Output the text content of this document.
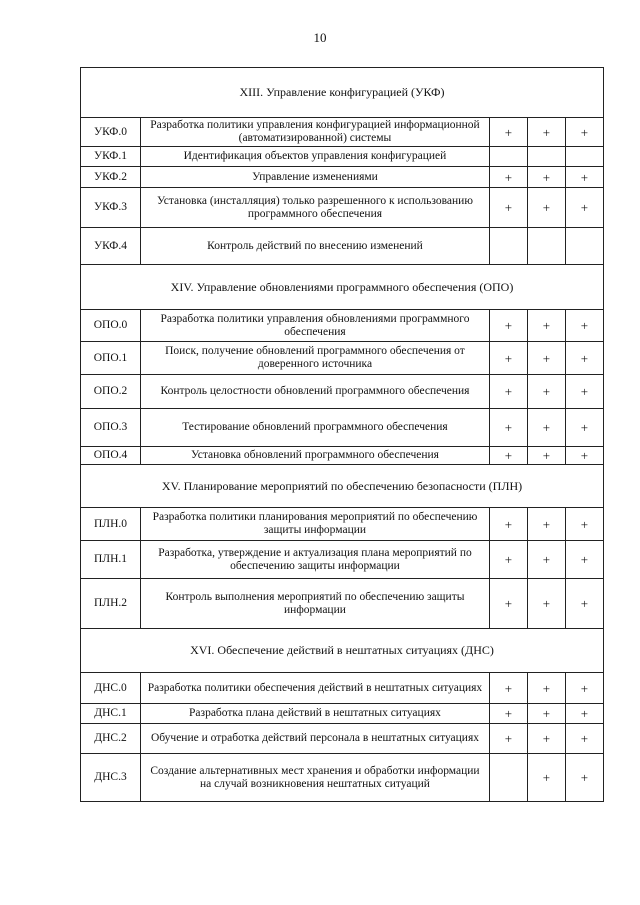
10
XIII. Управление конфигурацией (УКФ)				
УКФ.0	Разработка политики управления конфигурацией информационной (автоматизированной) системы	+	+	+
УКФ.1	Идентификация объектов управления конфигурацией			
УКФ.2	Управление изменениями	+	+	+
УКФ.3	Установка (инсталляция) только разрешенного к использованию программного обеспечения	+	+	+
УКФ.4	Контроль действий по внесению изменений			
XIV. Управление обновлениями программного обеспечения (ОПО)				
ОПО.0	Разработка политики управления обновлениями программного обеспечения	+	+	+
ОПО.1	Поиск, получение обновлений программного обеспечения от доверенного источника	+	+	+
ОПО.2	Контроль целостности обновлений программного обеспечения	+	+	+
ОПО.3	Тестирование обновлений программного обеспечения	+	+	+
ОПО.4	Установка обновлений программного обеспечения	+	+	+
XV. Планирование мероприятий по обеспечению безопасности (ПЛН)				
ПЛН.0	Разработка политики планирования мероприятий по обеспечению защиты информации	+	+	+
ПЛН.1	Разработка, утверждение и актуализация плана мероприятий по обеспечению защиты информации	+	+	+
ПЛН.2	Контроль выполнения мероприятий по обеспечению защиты информации	+	+	+
XVI. Обеспечение действий в нештатных ситуациях (ДНС)				
ДНС.0	Разработка политики обеспечения действий в нештатных ситуациях	+	+	+
ДНС.1	Разработка плана действий в нештатных ситуациях	+	+	+
ДНС.2	Обучение и отработка действий персонала в нештатных ситуациях	+	+	+
ДНС.3	Создание альтернативных мест хранения и обработки информации на случай возникновения нештатных ситуаций		+	+
